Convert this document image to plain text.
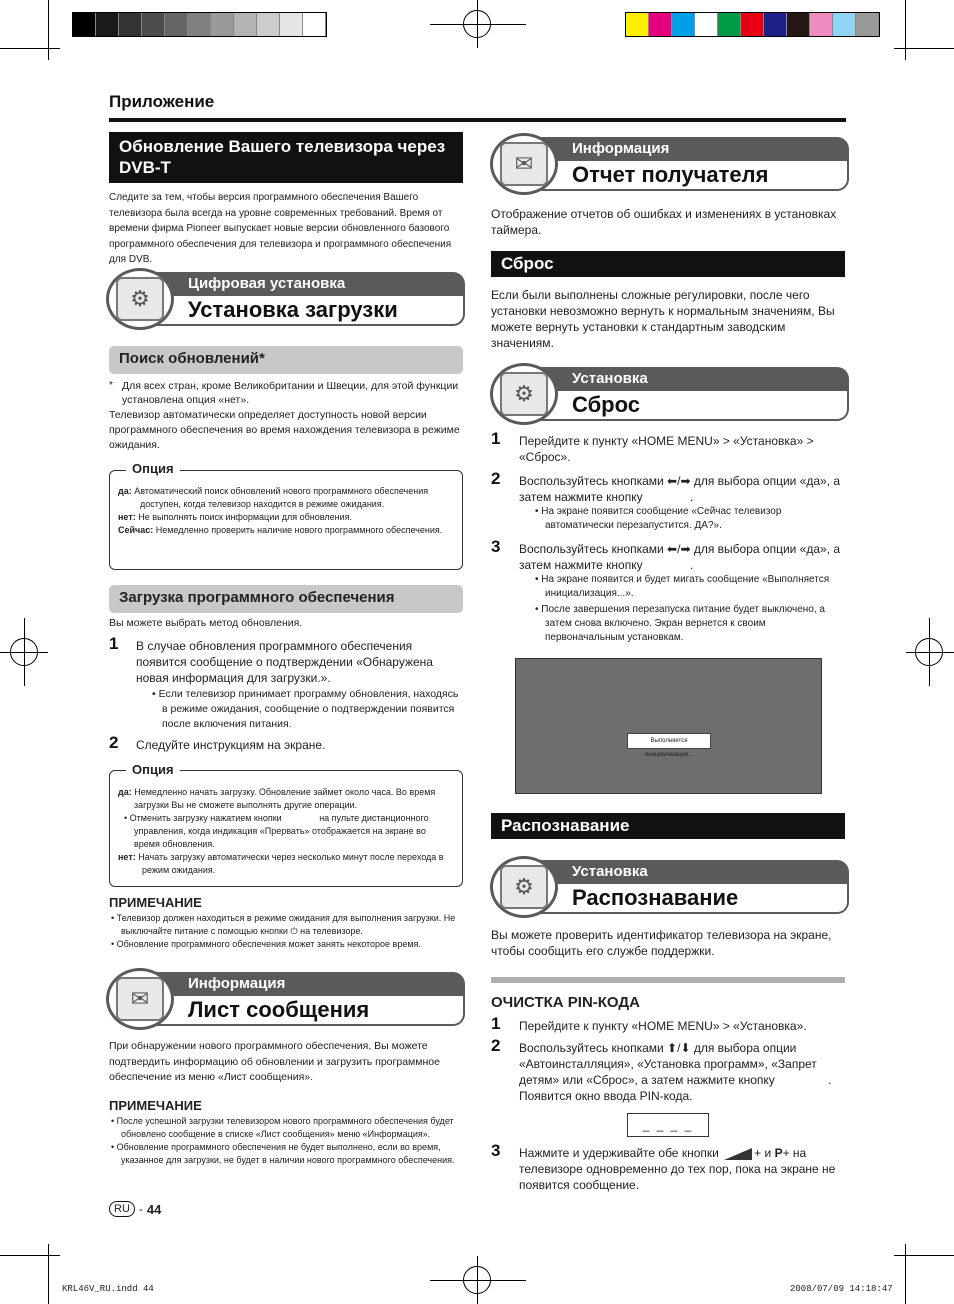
Приложение
Обновление Вашего телевизора через DVB-T
Следите за тем, чтобы версия программного обеспечения Вашего телевизора была всегда на уровне современных требований. Время от времени фирма Pioneer выпускает новые версии обновленного базового программного обеспечения для телевизора и программного обеспечения для DVB.
Цифровая установка
Установка загрузки
⚙
Поиск обновлений*
* Для всех стран, кроме Великобритании и Швеции, для этой функции установлена опция «нет».
Телевизор автоматически определяет доступность новой версии программного обеспечения во время нахождения телевизора в режиме ожидания.
Опция
да: Автоматический поиск обновлений нового программного обеспечения доступен, когда телевизор находится в режиме ожидания.
нет: Не выполнять поиск информации для обновления.
Сейчас: Немедленно проверить наличие нового программного обеспечения.
Загрузка программного обеспечения
Вы можете выбрать метод обновления.
1 В случае обновления программного обеспечения появится сообщение о подтверждении «Обнаружена новая информация для загрузки.».
• Если телевизор принимает программу обновления, находясь в режиме ожидания, сообщение о подтверждении появится после включения питания.
2 Следуйте инструкциям на экране.
Опция
да: Немедленно начать загрузку. Обновление займет около часа. Во время загрузки Вы не сможете выполнять другие операции.
• Отменить загрузку нажатием кнопки	на пульте дистанционного управления, когда индикация «Прервать» отображается на экране во время обновления.
нет: Начать загрузку автоматически через несколько минут после перехода в режим ожидания.
ПРИМЕЧАНИЕ
• Телевизор должен находиться в режиме ожидания для выполнения загрузки. Не выключайте питание с помощью кнопки ⏻ на телевизоре.
• Обновление программного обеспечения может занять некоторое время.
Информация
Лист сообщения
✉
При обнаружении нового программного обеспечения, Вы можете подтвердить информацию об обновлении и загрузить программное обеспечение из меню «Лист сообщения».
ПРИМЕЧАНИЕ
• После успешной загрузки телевизором нового программного обеспечения будет обновлено сообщение в списке «Лист сообщения» меню «Информация».
• Обновление программного обеспечения не будет выполнено, если во время, указанное для загрузки, не будет в наличии нового программного обеспечения.
RU - 44
Информация
Отчет получателя
✉
Отображение отчетов об ошибках и изменениях в установках таймера.
Сброс
Если были выполнены сложные регулировки, после чего установки невозможно вернуть к нормальным значениям, Вы можете вернуть установки к стандартным заводским значениям.
Установка
Сброс
⚙
1 Перейдите к пункту «HOME MENU» > «Установка» > «Сброс».
2 Воспользуйтесь кнопками ⬅/➡ для выбора опции «да», а затем нажмите кнопку	.
• На экране появится сообщение «Сейчас телевизор автоматически перезапустится. ДА?».
3 Воспользуйтесь кнопками ⬅/➡ для выбора опции «да», а затем нажмите кнопку	.
• На экране появится и будет мигать сообщение «Выполняется инициализация...».
• После завершения перезапуска питание будет выключено, а затем снова включено. Экран вернется к своим первоначальным установкам.
Выполняется инициализация...
Распознавание
Установка
Распознавание
⚙
Вы можете проверить идентификатор телевизора на экране, чтобы сообщить его службе поддержки.
ОЧИСТКА PIN-КОДА
1 Перейдите к пункту «HOME MENU» > «Установка».
2 Воспользуйтесь кнопками ⬆/⬇ для выбора опции «Автоинсталляция», «Установка программ», «Запрет детям» или «Сброс», а затем нажмите кнопку	.
Появится окно ввода PIN-кода.
_ _ _ _
3 Нажмите и удерживайте обе кнопки	+ и P+ на телевизоре одновременно до тех пор, пока на экране не появится сообщение.
KRL46V_RU.indd 44	2008/07/09 14:18:47
